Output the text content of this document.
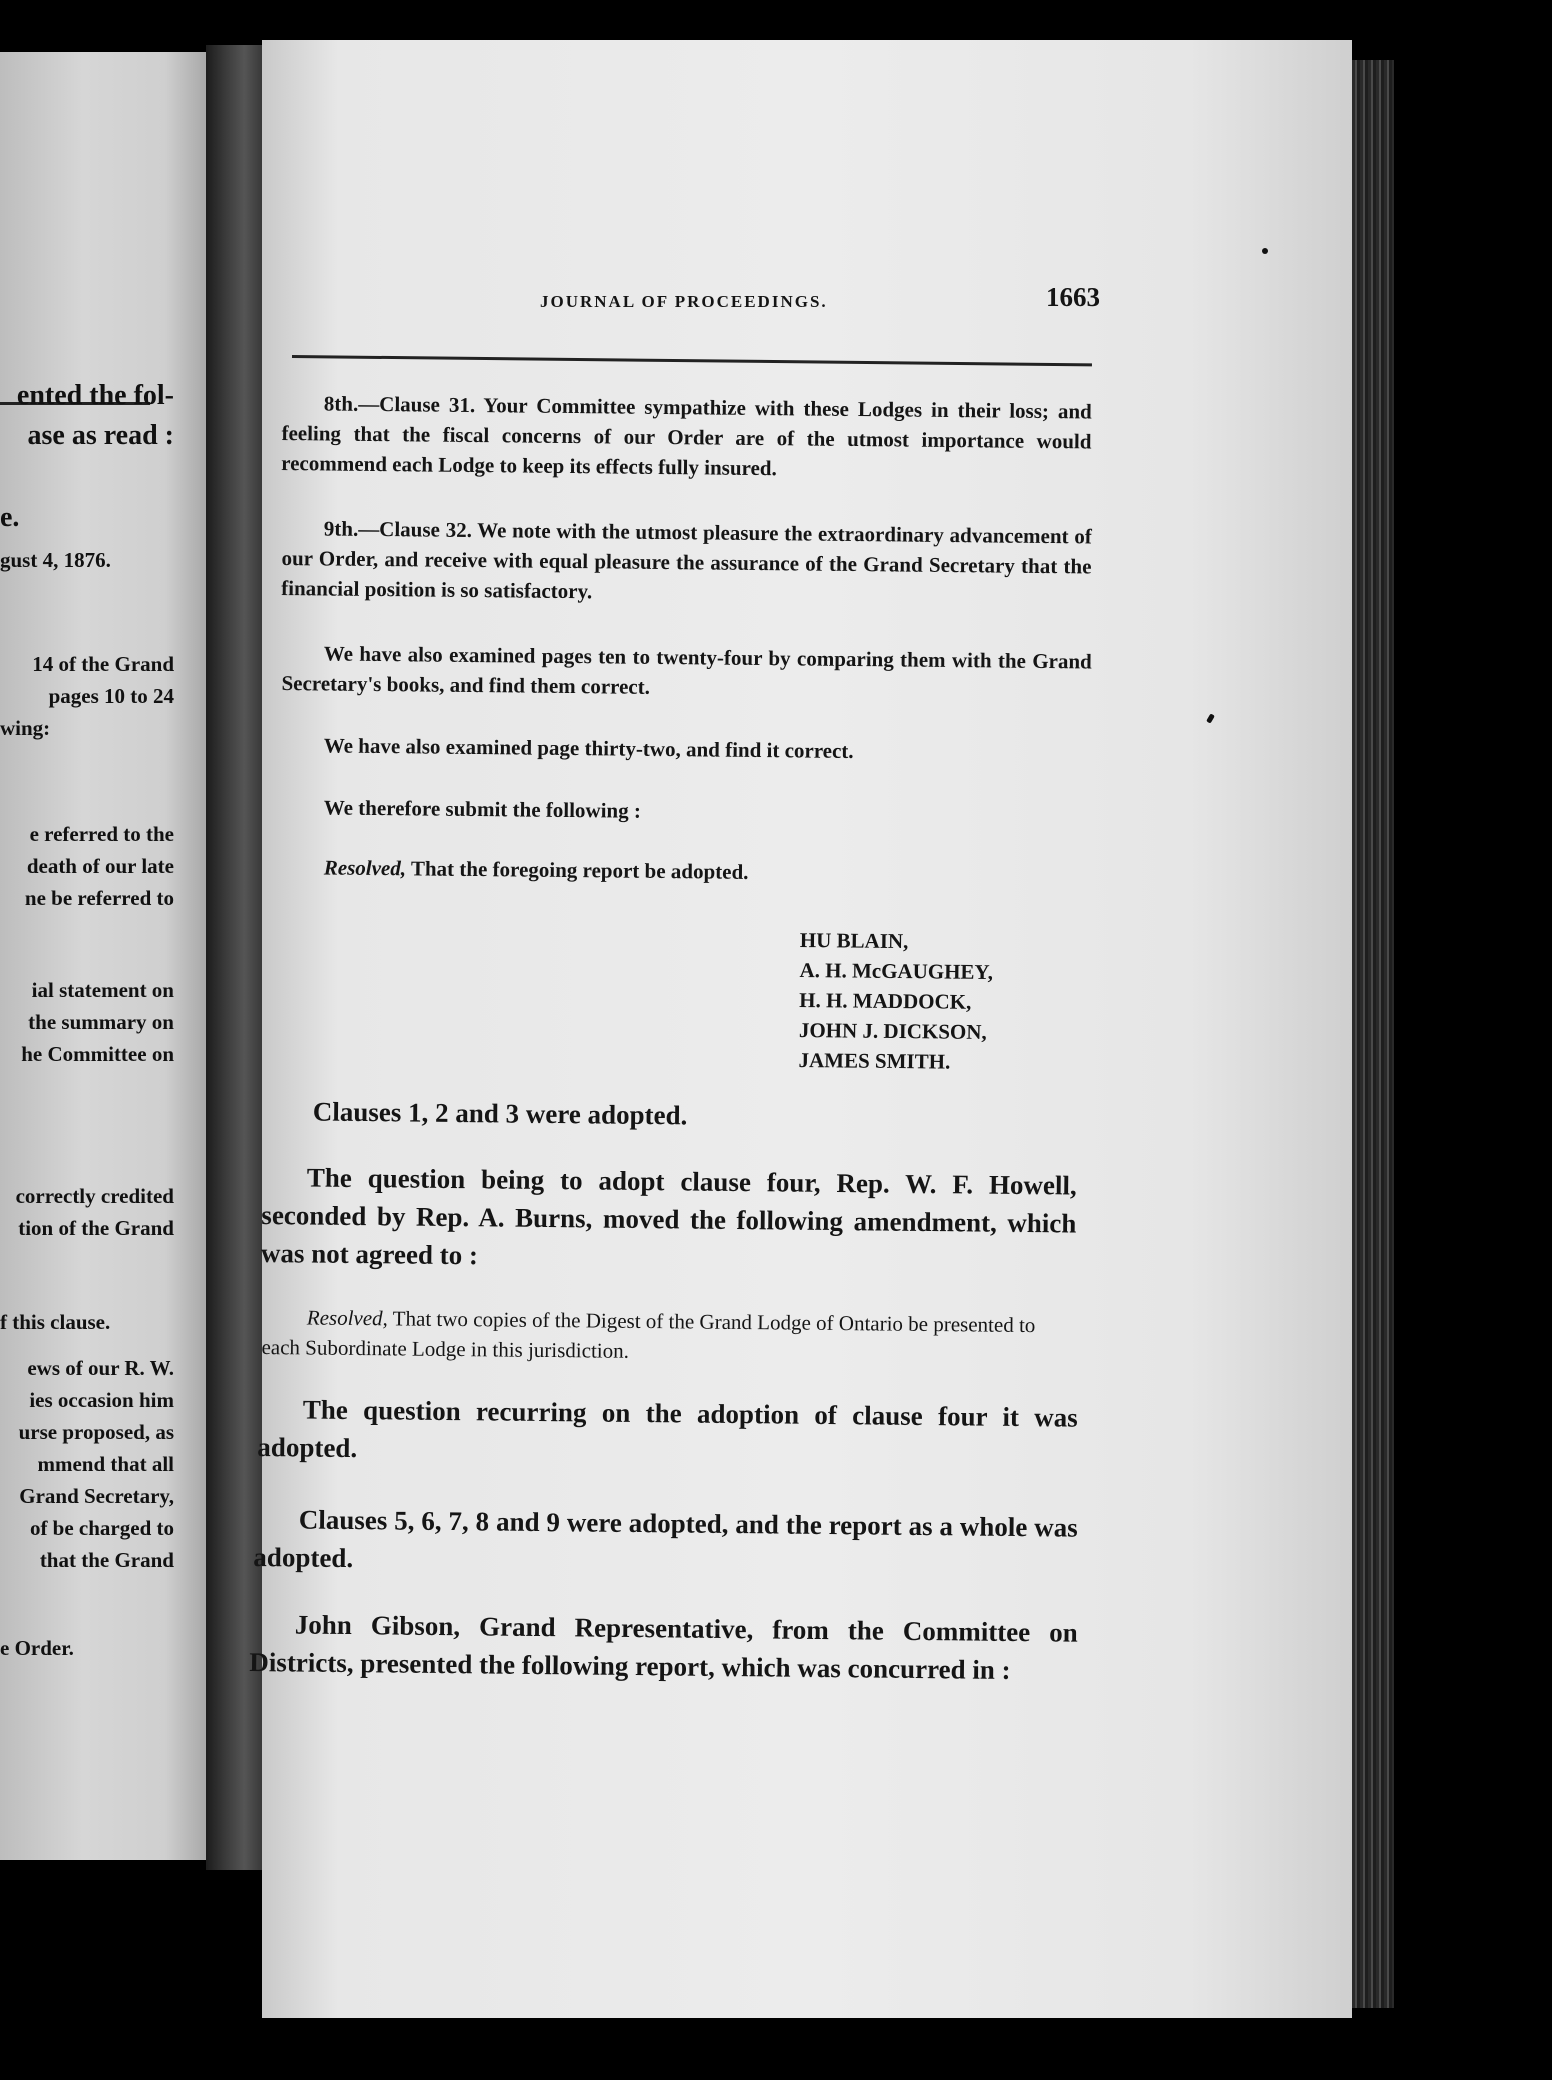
ented the fol-
ase as read :
e.
gust 4, 1876.
14 of the Grand
pages 10 to 24
wing:
e referred to the
death of our late
ne be referred to
ial statement on
the summary on
he Committee on
correctly credited
tion of the Grand
f this clause.
ews of our R. W.
ies occasion him
urse proposed, as
mmend that all
Grand Secretary,
of be charged to
that the Grand
e Order.
JOURNAL OF PROCEEDINGS.	1663

8th.—Clause 31. Your Committee sympathize with these Lodges in their loss; and feeling that the fiscal concerns of our Order are of the utmost importance would recommend each Lodge to keep its effects fully insured.

9th.—Clause 32. We note with the utmost pleasure the extraordinary advancement of our Order, and receive with equal pleasure the assurance of the Grand Secretary that the financial position is so satisfactory.

We have also examined pages ten to twenty-four by comparing them with the Grand Secretary's books, and find them correct.

We have also examined page thirty-two, and find it correct.

We therefore submit the following :

Resolved, That the foregoing report be adopted.

HU BLAIN,
A. H. McGAUGHEY,
H. H. MADDOCK,
JOHN J. DICKSON,
JAMES SMITH.

Clauses 1, 2 and 3 were adopted.

The question being to adopt clause four, Rep. W. F. Howell, seconded by Rep. A. Burns, moved the following amendment, which was not agreed to :

Resolved, That two copies of the Digest of the Grand Lodge of Ontario be presented to each Subordinate Lodge in this jurisdiction.

The question recurring on the adoption of clause four it was adopted.

Clauses 5, 6, 7, 8 and 9 were adopted, and the report as a whole was adopted.

John Gibson, Grand Representative, from the Committee on Districts, presented the following report, which was concurred in :
